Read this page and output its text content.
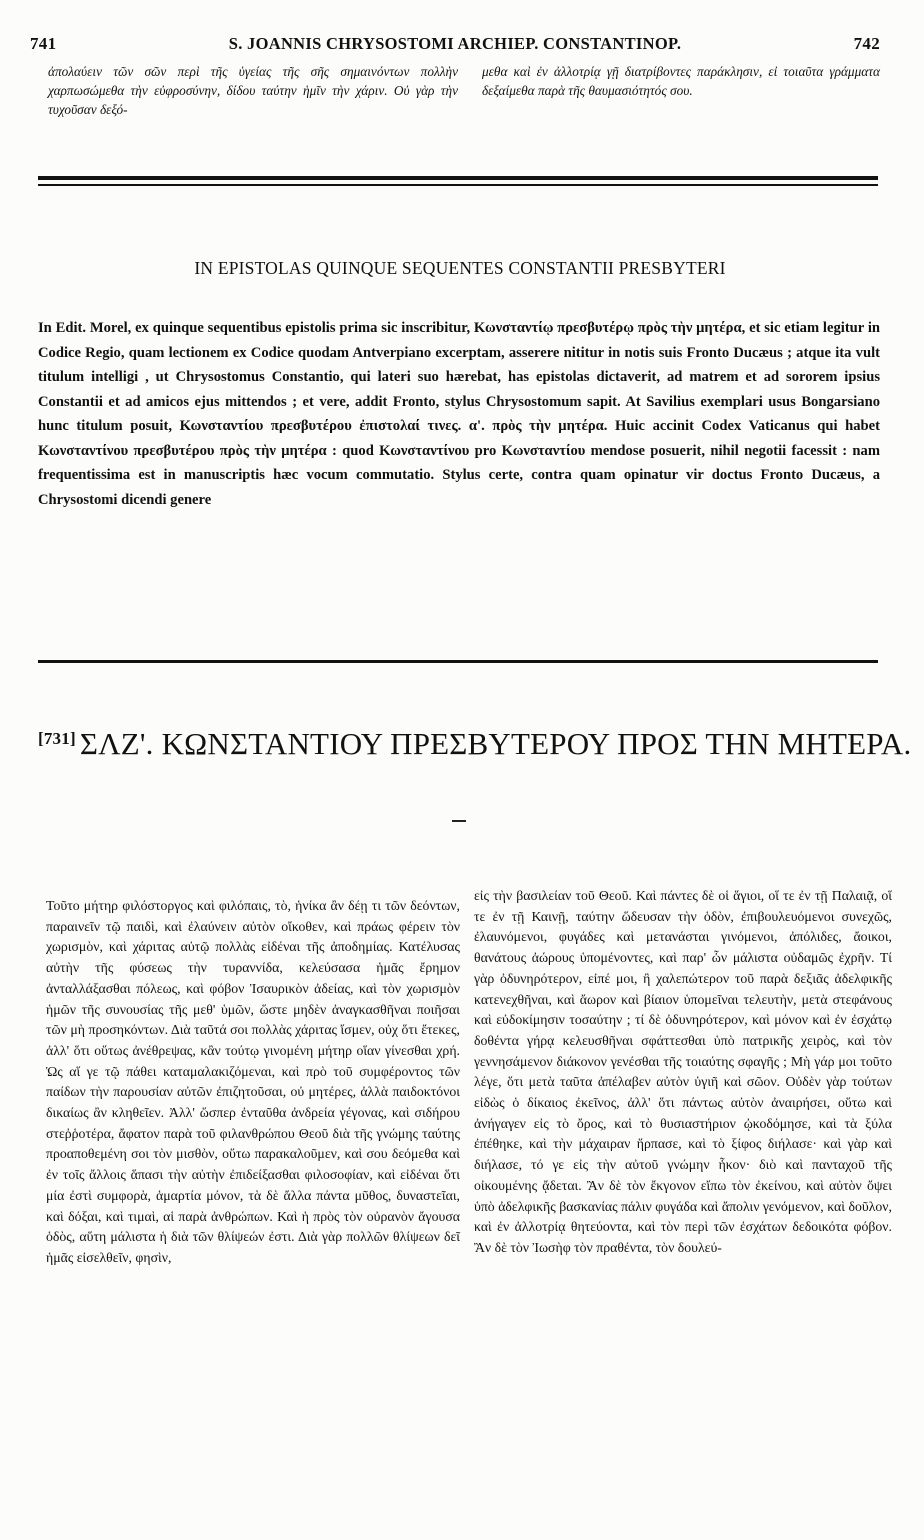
741	S. JOANNIS CHRYSOSTOMI ARCHIEP. CONSTANTINOP.	742

ἀπολαύειν τῶν σῶν περὶ τῆς ὑγείας τῆς σῆς σημαινόντων πολλὴν χαρπωσώμεθα τὴν εὐφροσύνην, δίδου ταύτην ἡμῖν τὴν χάριν. Οὐ γὰρ τὴν τυχοῦσαν δεξό-

μεθα καὶ ἐν ἀλλοτρίᾳ γῇ διατρίβοντες παράκλησιν, εἰ τοιαῦτα γράμματα δεξαίμεθα παρὰ τῆς θαυμασιότητός σου.

IN EPISTOLAS QUINQUE SEQUENTES CONSTANTII PRESBYTERI
In Edit. Morel, ex quinque sequentibus epistolis prima sic inscribitur, Κωνσταντίῳ πρεσβυτέρῳ πρὸς τὴν μητέρα, et sic etiam legitur in Codice Regio, quam lectionem ex Codice quodam Antverpiano excerptam, asserere nititur in notis suis Fronto Ducæus ; atque ita vult titulum intelligi , ut Chrysostomus Constantio, qui lateri suo hærebat, has epistolas dictaverit, ad matrem et ad sororem ipsius Constantii et ad amicos ejus mittendos ; et vere, addit Fronto, stylus Chrysostomum sapit. At Savilius exemplari usus Bongarsiano hunc titulum posuit, Κωνσταντίου πρεσβυτέρου ἐπιστολαί τινες. α'. πρὸς τὴν μητέρα. Huic accinit Codex Vaticanus qui habet Κωνσταντίνου πρεσβυτέρου πρὸς τὴν μητέρα : quod Κωνσταντίνου pro Κωνσταντίου mendose posuerit, nihil negotii facessit : nam frequentissima est in manuscriptis hæc vocum commutatio. Stylus certe, contra quam opinatur vir doctus Fronto Ducæus, a Chrysostomi dicendi genere
[731] ΣΛΖ'. ΚΩΝΣΤΑΝΤΙΟΥ ΠΡΕΣΒΥΤΕΡΟΥ ΠΡΟΣ ΤΗΝ ΜΗΤΕΡΑ.
Τοῦτο μήτηρ φιλόστοργος καὶ φιλόπαις, τὸ, ἡνίκα ἂν δέῃ τι τῶν δεόντων, παραινεῖν τῷ παιδὶ, καὶ ἐλαύνειν αὐτὸν οἴκοθεν, καὶ πράως φέρειν τὸν χωρισμὸν, καὶ χάριτας αὐτῷ πολλὰς εἰδέναι τῆς ἀποδημίας. Κατέλυσας αὐτὴν τῆς φύσεως τὴν τυραννίδα, κελεύσασα ἡμᾶς ἔρημον ἀνταλλάξασθαι πόλεως, καὶ φόβον Ἰσαυρικὸν ἀδείας, καὶ τὸν χωρισμὸν ἡμῶν τῆς συνουσίας τῆς μεθ' ὑμῶν, ὥστε μηδὲν ἀναγκασθῆναι ποιῆσαι τῶν μὴ προσηκόντων. Διὰ ταῦτά σοι πολλὰς χάριτας ἴσμεν, οὐχ ὅτι ἔτεκες, ἀλλ' ὅτι οὕτως ἀνέθρεψας, κἂν τούτῳ γινομένη μήτηρ οἵαν γίνεσθαι χρή. Ὡς αἵ γε τῷ πάθει καταμαλακιζόμεναι, καὶ πρὸ τοῦ συμφέροντος τῶν παίδων τὴν παρουσίαν αὐτῶν ἐπιζητοῦσαι, οὐ μητέρες, ἀλλὰ παιδοκτόνοι δικαίως ἂν κληθεῖεν. Ἀλλ' ὥσπερ ἐνταῦθα ἀνδρεία γέγονας, καὶ σιδήρου στεῤῥοτέρα, ἄφατον παρὰ τοῦ φιλανθρώπου Θεοῦ διὰ τῆς γνώμης ταύτης προαποθεμένη σοι τὸν μισθὸν, οὕτω παρακαλοῦμεν, καὶ σου δεόμεθα καὶ ἐν τοῖς ἄλλοις ἅπασι τὴν αὐτὴν ἐπιδείξασθαι φιλοσοφίαν, καὶ εἰδέναι ὅτι μία ἐστὶ συμφορὰ, ἁμαρτία μόνον, τὰ δὲ ἄλλα πάντα μῦθος, δυναστεῖαι, καὶ δόξαι, καὶ τιμαὶ, αἱ παρὰ ἀνθρώπων. Καὶ ἡ πρὸς τὸν οὐρανὸν ἄγουσα ὁδὸς, αὕτη μάλιστα ἡ διὰ τῶν θλίψεών ἐστι. Διὰ γὰρ πολλῶν θλίψεων δεῖ ἡμᾶς εἰσελθεῖν, φησὶν,
εἰς τὴν βασιλείαν τοῦ Θεοῦ. Καὶ πάντες δὲ οἱ ἅγιοι, οἵ τε ἐν τῇ Παλαιᾷ, οἵ τε ἐν τῇ Καινῇ, ταύτην ὥδευσαν τὴν ὁδὸν, ἐπιβουλευόμενοι συνεχῶς, ἐλαυνόμενοι, φυγάδες καὶ μετανάσται γινόμενοι, ἀπόλιδες, ἄοικοι, θανάτους ἀώρους ὑπομένοντες, καὶ παρ' ὧν μάλιστα οὐδαμῶς ἐχρῆν. Τί γὰρ ὀδυνηρότερον, εἰπέ μοι, ἢ χαλεπώτερον τοῦ παρὰ δεξιᾶς ἀδελφικῆς κατενεχθῆναι, καὶ ἄωρον καὶ βίαιον ὑπομεῖναι τελευτὴν, μετὰ στεφάνους καὶ εὐδοκίμησιν τοσαύτην ; τί δὲ ὀδυνηρότερον, καὶ μόνον καὶ ἐν ἐσχάτῳ δοθέντα γήρᾳ κελευσθῆναι σφάττεσθαι ὑπὸ πατρικῆς χειρὸς, καὶ τὸν γεννησάμενον διάκονον γενέσθαι τῆς τοιαύτης σφαγῆς ; Μὴ γάρ μοι τοῦτο λέγε, ὅτι μετὰ ταῦτα ἀπέλαβεν αὐτὸν ὑγιῆ καὶ σῶον. Οὐδὲν γὰρ τούτων εἰδὼς ὁ δίκαιος ἐκεῖνος, ἀλλ' ὅτι πάντως αὐτὸν ἀναιρήσει, οὕτω καὶ ἀνήγαγεν εἰς τὸ ὄρος, καὶ τὸ θυσιαστήριον ᾠκοδόμησε, καὶ τὰ ξύλα ἐπέθηκε, καὶ τὴν μάχαιραν ἥρπασε, καὶ τὸ ξίφος διήλασε· καὶ γὰρ καὶ διήλασε, τό γε εἰς τὴν αὐτοῦ γνώμην ἧκον· διὸ καὶ πανταχοῦ τῆς οἰκουμένης ᾄδεται. Ἂν δὲ τὸν ἔκγονον εἴπω τὸν ἐκείνου, καὶ αὐτὸν ὄψει ὑπὸ ἀδελφικῆς βασκανίας πάλιν φυγάδα καὶ ἄπολιν γενόμενον, καὶ δοῦλον, καὶ ἐν ἀλλοτρίᾳ θητεύοντα, καὶ τὸν περὶ τῶν ἐσχάτων δεδοικότα φόβον. Ἂν δὲ τὸν Ἰωσὴφ τὸν πραθέντα, τὸν δουλεύ-
